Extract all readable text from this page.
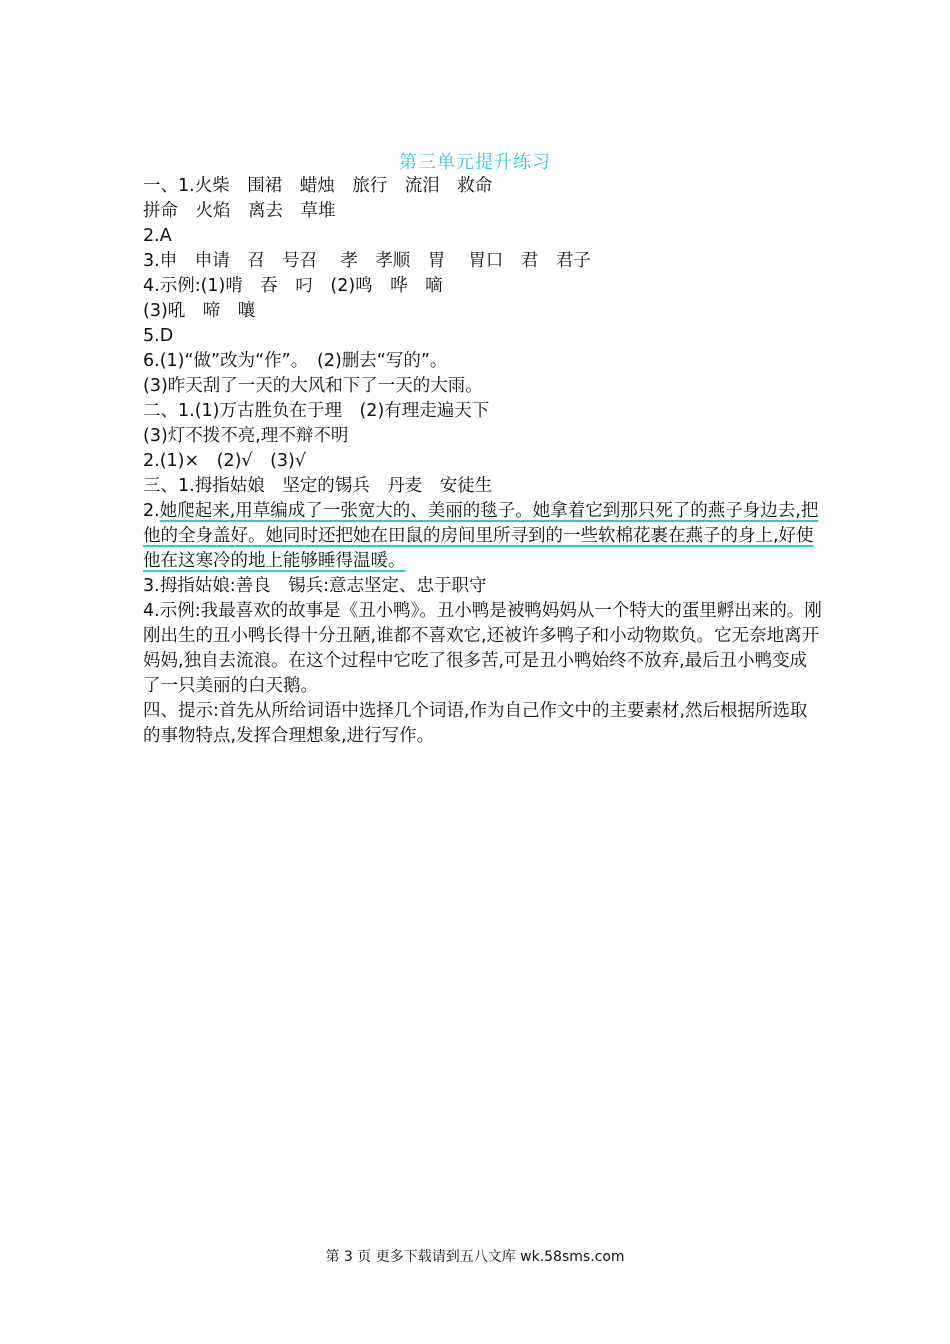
第三单元提升练习
一、1.火柴　围裙　蜡烛　旅行　流泪　救命
拼命　火焰　离去　草堆
2.A
3.申　申请　召　号召　 孝　孝顺　胃　 胃口　君　君子
4.示例:(1)啃　吞　叼　(2)鸣　哗　嘀
(3)吼　啼　嚷
5.D
6.(1)“做”改为“作”。　(2)删去“写的”。
(3)昨天刮了一天的大风和下了一天的大雨。
二、1.(1)万古胜负在于理　(2)有理走遍天下
(3)灯不拨不亮,理不辩不明
2.(1)×　(2)√　(3)√
三、1.拇指姑娘　坚定的锡兵　丹麦　安徒生
2.她爬起来,用草编成了一张宽大的、美丽的毯子。她拿着它到那只死了的燕子身边去,把他的全身盖好。她同时还把她在田鼠的房间里所寻到的一些软棉花裹在燕子的身上,好使他在这寒冷的地上能够睡得温暖。
3.拇指姑娘:善良　锡兵:意志坚定、忠于职守
4.示例:我最喜欢的故事是《丑小鸭》。丑小鸭是被鸭妈妈从一个特大的蛋里孵出来的。刚刚出生的丑小鸭长得十分丑陋,谁都不喜欢它,还被许多鸭子和小动物欺负。它无奈地离开妈妈,独自去流浪。在这个过程中它吃了很多苦,可是丑小鸭始终不放弃,最后丑小鸭变成了一只美丽的白天鹅。
四、提示:首先从所给词语中选择几个词语,作为自己作文中的主要素材,然后根据所选取的事物特点,发挥合理想象,进行写作。
第 3 页 更多下载请到五八文库 wk.58sms.com
